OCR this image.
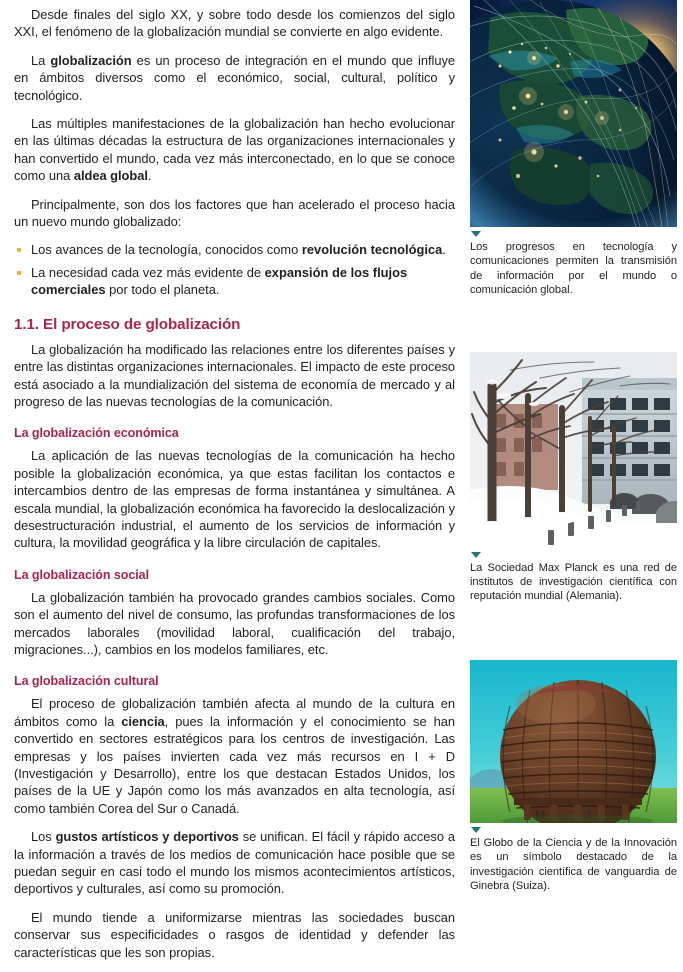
Desde finales del siglo XX, y sobre todo desde los comienzos del siglo XXI, el fenómeno de la globalización mundial se convierte en algo evidente.

La globalización es un proceso de integración en el mundo que influye en ámbitos diversos como el económico, social, cultural, político y tecnológico.

Las múltiples manifestaciones de la globalización han hecho evolucionar en las últimas décadas la estructura de las organizaciones internacionales y han convertido el mundo, cada vez más interconectado, en lo que se conoce como una aldea global.

Principalmente, son dos los factores que han acelerado el proceso hacia un nuevo mundo globalizado:

Los avances de la tecnología, conocidos como revolución tecnológica.
La necesidad cada vez más evidente de expansión de los flujos comerciales por todo el planeta.
1.1. El proceso de globalización

La globalización ha modificado las relaciones entre los diferentes países y entre las distintas organizaciones internacionales. El impacto de este proceso está asociado a la mundialización del sistema de economía de mercado y al progreso de las nuevas tecnologías de la comunicación.

La globalización económica

La aplicación de las nuevas tecnologías de la comunicación ha hecho posible la globalización económica, ya que estas facilitan los contactos e intercambios dentro de las empresas de forma instantánea y simultánea. A escala mundial, la globalización económica ha favorecido la deslocalización y desestructuración industrial, el aumento de los servicios de información y cultura, la movilidad geográfica y la libre circulación de capitales.

La globalización social

La globalización también ha provocado grandes cambios sociales. Como son el aumento del nivel de consumo, las profundas transformaciones de los mercados laborales (movilidad laboral, cualificación del trabajo, migraciones...), cambios en los modelos familiares, etc.

La globalización cultural

El proceso de globalización también afecta al mundo de la cultura en ámbitos como la ciencia, pues la información y el conocimiento se han convertido en sectores estratégicos para los centros de investigación. Las empresas y los países invierten cada vez más recursos en I + D (Investigación y Desarrollo), entre los que destacan Estados Unidos, los países de la UE y Japón como los más avanzados en alta tecnología, así como también Corea del Sur o Canadá.

Los gustos artísticos y deportivos se unifican. El fácil y rápido acceso a la información a través de los medios de comunicación hace posible que se puedan seguir en casi todo el mundo los mismos acontecimientos artísticos, deportivos y culturales, así como su promoción.

El mundo tiende a uniformizarse mientras las sociedades buscan conservar sus especificidades o rasgos de identidad y defender las características que les son propias.

Los progresos en tecnología y comunicaciones permiten la transmisión de información por el mundo o comunicación global.
La Sociedad Max Planck es una red de institutos de investigación científica con reputación mundial (Alemania).
El Globo de la Ciencia y de la Innovación es un símbolo destacado de la investigación científica de vanguardia de Ginebra (Suiza).
